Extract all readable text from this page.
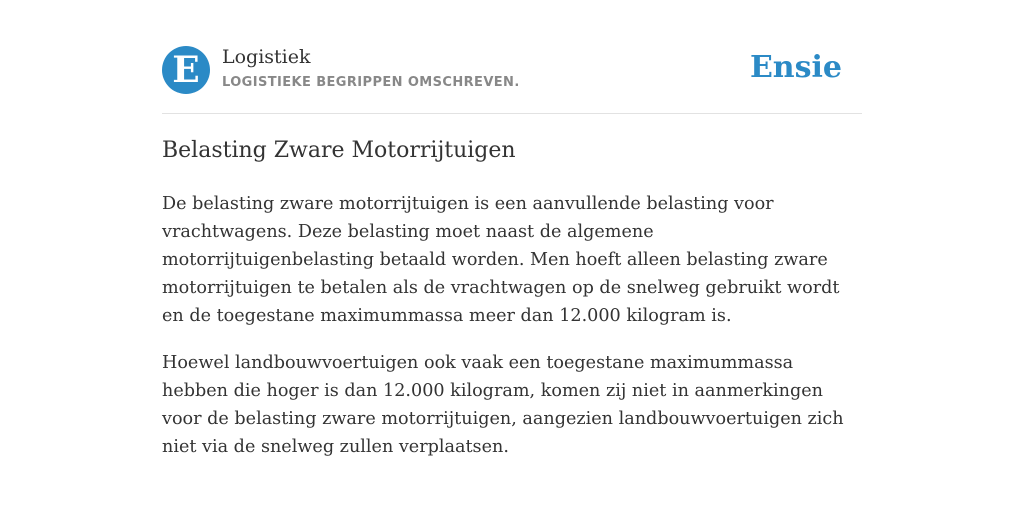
E	Logistiek
LOGISTIEKE BEGRIPPEN OMSCHREVEN.	Ensie
Belasting Zware Motorrijtuigen

De belasting zware motorrijtuigen is een aanvullende belasting voor vrachtwagens. Deze belasting moet naast de algemene motorrijtuigenbelasting betaald worden. Men hoeft alleen belasting zware motorrijtuigen te betalen als de vrachtwagen op de snelweg gebruikt wordt en de toegestane maximummassa meer dan 12.000 kilogram is.

Hoewel landbouwvoertuigen ook vaak een toegestane maximummassa hebben die hoger is dan 12.000 kilogram, komen zij niet in aanmerkingen voor de belasting zware motorrijtuigen, aangezien landbouwvoertuigen zich niet via de snelweg zullen verplaatsen.
